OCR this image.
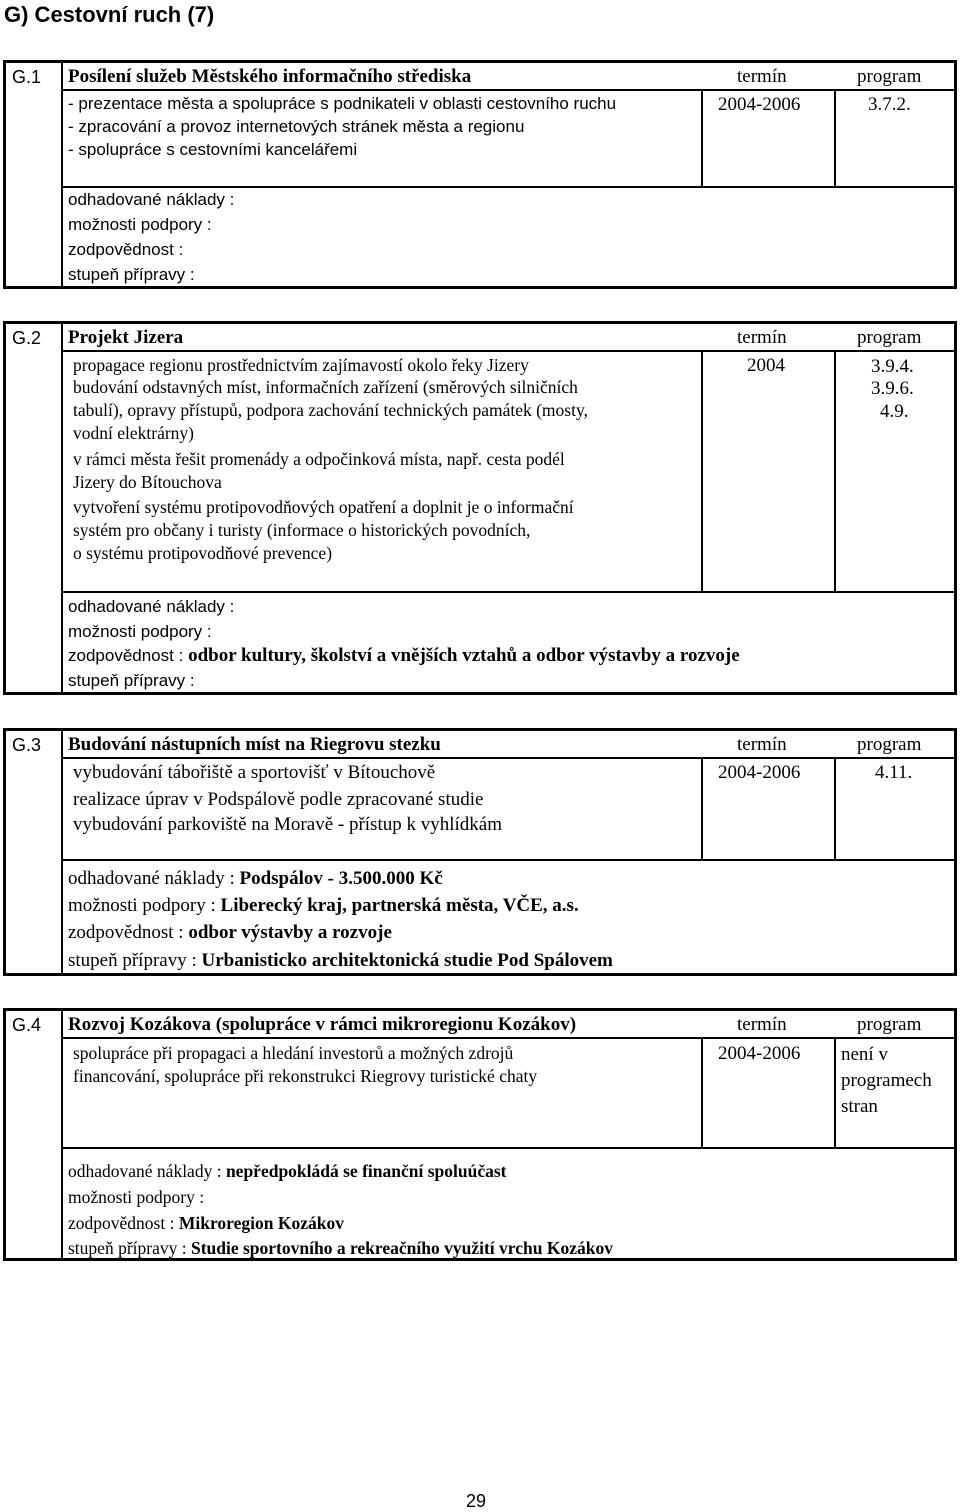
G) Cestovní ruch (7)
G.1 Posílení služeb Městského informačního střediska	termín	program
- prezentace města a spolupráce s podnikateli v oblasti cestovního ruchu
- zpracování a provoz internetových stránek města a regionu
- spolupráce s cestovními kancelářemi
2004-2006	3.7.2.
odhadované náklady :
možnosti podpory :
zodpovědnost :
stupeň přípravy :
G.2 Projekt Jizera	termín	program
propagace regionu prostřednictvím zajímavostí okolo řeky Jizery
budování odstavných míst, informačních zařízení (směrových silničních
tabulí), opravy přístupů, podpora zachování technických památek (mosty,
vodní elektrárny)
v rámci města řešit promenády a odpočinková místa, např. cesta podél
Jizery do Bítouchova
vytvoření systému protipovodňových opatření a doplnit je o informační
systém pro občany i turisty (informace o historických povodních,
o systému protipovodňové prevence)
2004	3.9.4.
3.9.6.
4.9.
odhadované náklady :
možnosti podpory :
zodpovědnost : odbor kultury, školství a vnějších vztahů a odbor výstavby a rozvoje
stupeň přípravy :
G.3 Budování nástupních míst na Riegrovu stezku	termín	program
vybudování tábořiště a sportovišť v Bítouchově
realizace úprav v Podspálově podle zpracované studie
vybudování parkoviště na Moravě - přístup k vyhlídkám
2004-2006	4.11.
odhadované náklady : Podspálov - 3.500.000 Kč
možnosti podpory : Liberecký kraj, partnerská města, VČE, a.s.
zodpovědnost : odbor výstavby a rozvoje
stupeň přípravy : Urbanisticko architektonická studie Pod Spálovem
G.4 Rozvoj Kozákova (spolupráce v rámci mikroregionu Kozákov)	termín	program
spolupráce při propagaci a hledání investorů a možných zdrojů
financování, spolupráce při rekonstrukci Riegrovy turistické chaty
2004-2006 není v
programech
stran
odhadované náklady : nepředpokládá se finanční spoluúčast
možnosti podpory :
zodpovědnost : Mikroregion Kozákov
stupeň přípravy : Studie sportovního a rekreačního využití vrchu Kozákov
29
